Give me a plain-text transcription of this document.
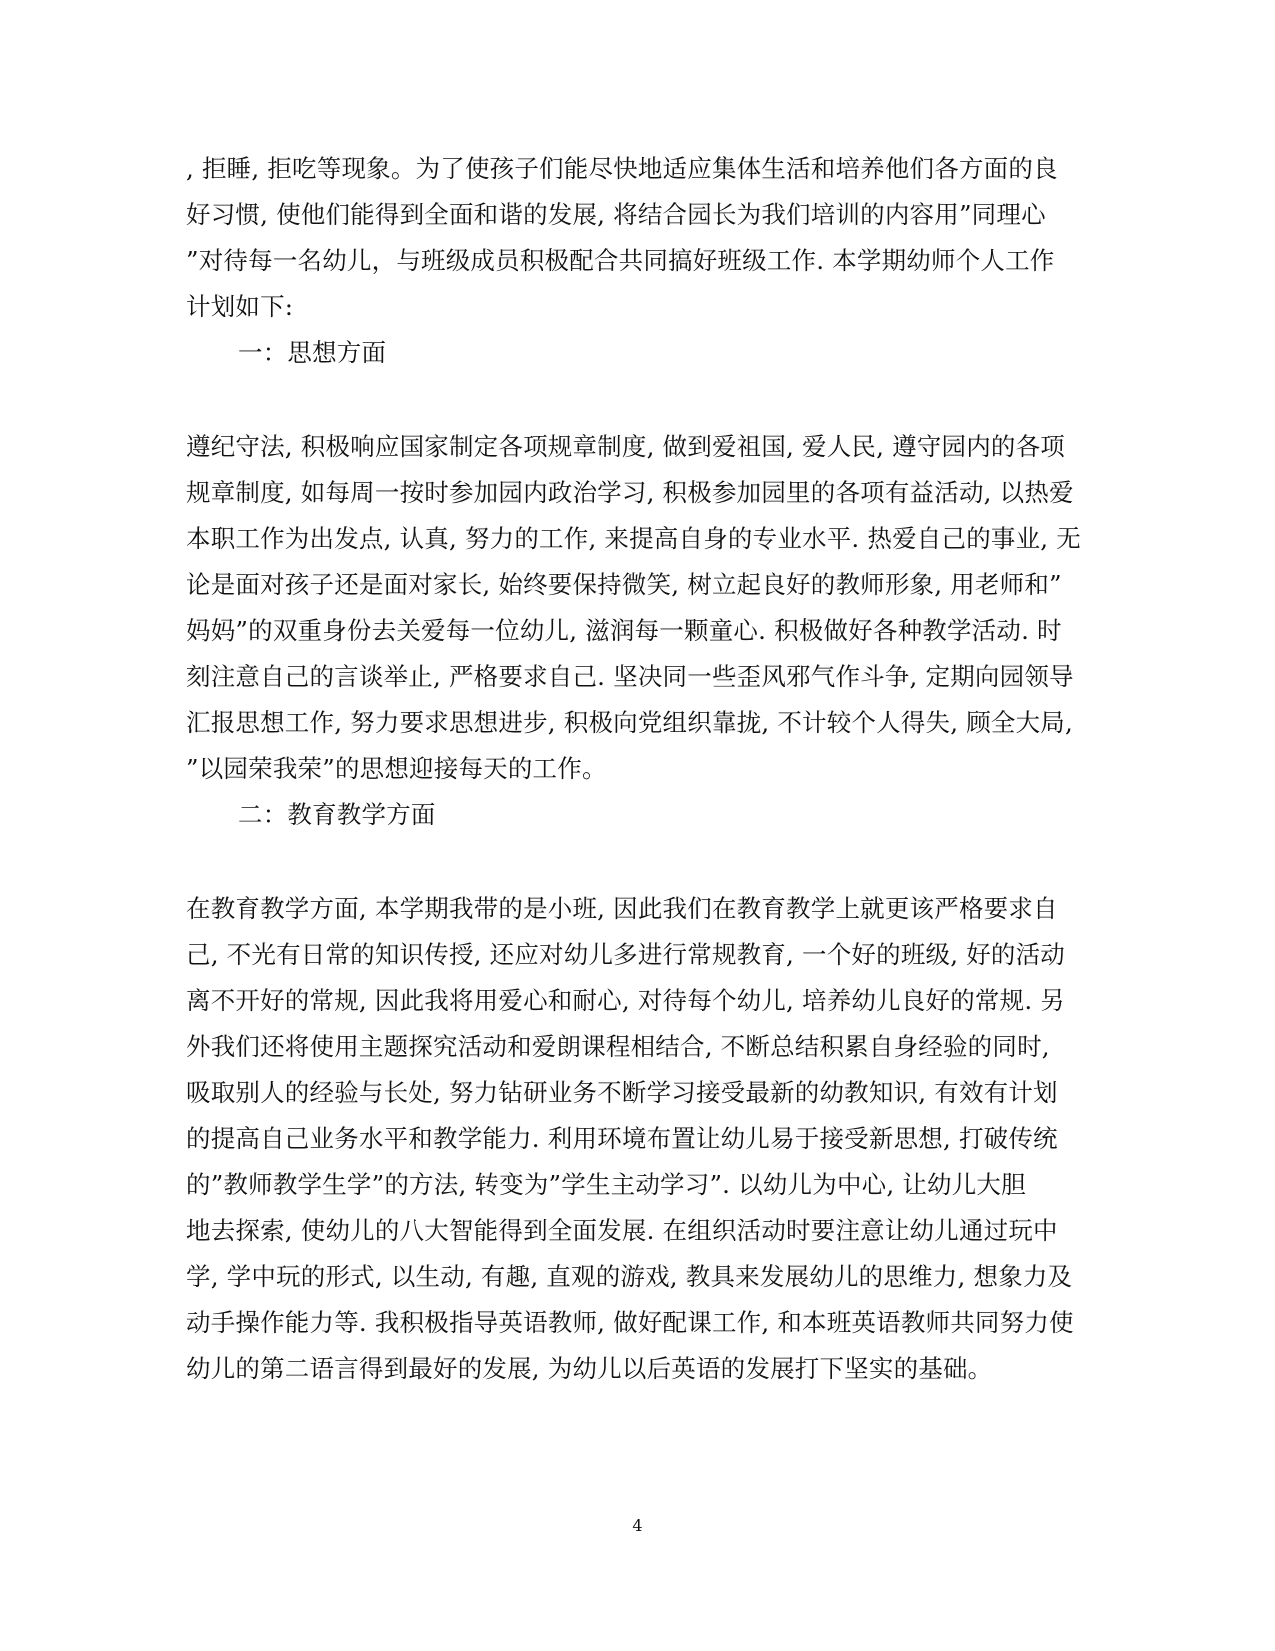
, 拒睡, 拒吃等现象。为了使孩子们能尽快地适应集体生活和培养他们各方面的良
好习惯, 使他们能得到全面和谐的发展, 将结合园长为我们培训的内容用”同理心
”对待每一名幼儿，与班级成员积极配合共同搞好班级工作. 本学期幼师个人工作
计划如下:
一：思想方面
遵纪守法, 积极响应国家制定各项规章制度, 做到爱祖国, 爱人民, 遵守园内的各项
规章制度, 如每周一按时参加园内政治学习, 积极参加园里的各项有益活动, 以热爱
本职工作为出发点, 认真, 努力的工作, 来提高自身的专业水平. 热爱自己的事业, 无
论是面对孩子还是面对家长, 始终要保持微笑, 树立起良好的教师形象, 用老师和”
妈妈”的双重身份去关爱每一位幼儿, 滋润每一颗童心. 积极做好各种教学活动. 时
刻注意自己的言谈举止, 严格要求自己. 坚决同一些歪风邪气作斗争, 定期向园领导
汇报思想工作, 努力要求思想进步, 积极向党组织靠拢, 不计较个人得失, 顾全大局,
”以园荣我荣”的思想迎接每天的工作。
二：教育教学方面
在教育教学方面, 本学期我带的是小班, 因此我们在教育教学上就更该严格要求自
己, 不光有日常的知识传授, 还应对幼儿多进行常规教育, 一个好的班级, 好的活动
离不开好的常规, 因此我将用爱心和耐心, 对待每个幼儿, 培养幼儿良好的常规. 另
外我们还将使用主题探究活动和爱朗课程相结合, 不断总结积累自身经验的同时,
吸取别人的经验与长处, 努力钻研业务不断学习接受最新的幼教知识, 有效有计划
的提高自己业务水平和教学能力. 利用环境布置让幼儿易于接受新思想, 打破传统
的”教师教学生学”的方法, 转变为”学生主动学习”. 以幼儿为中心, 让幼儿大胆
地去探索, 使幼儿的八大智能得到全面发展. 在组织活动时要注意让幼儿通过玩中
学, 学中玩的形式, 以生动, 有趣, 直观的游戏, 教具来发展幼儿的思维力, 想象力及
动手操作能力等. 我积极指导英语教师, 做好配课工作, 和本班英语教师共同努力使
幼儿的第二语言得到最好的发展, 为幼儿以后英语的发展打下坚实的基础。
4
